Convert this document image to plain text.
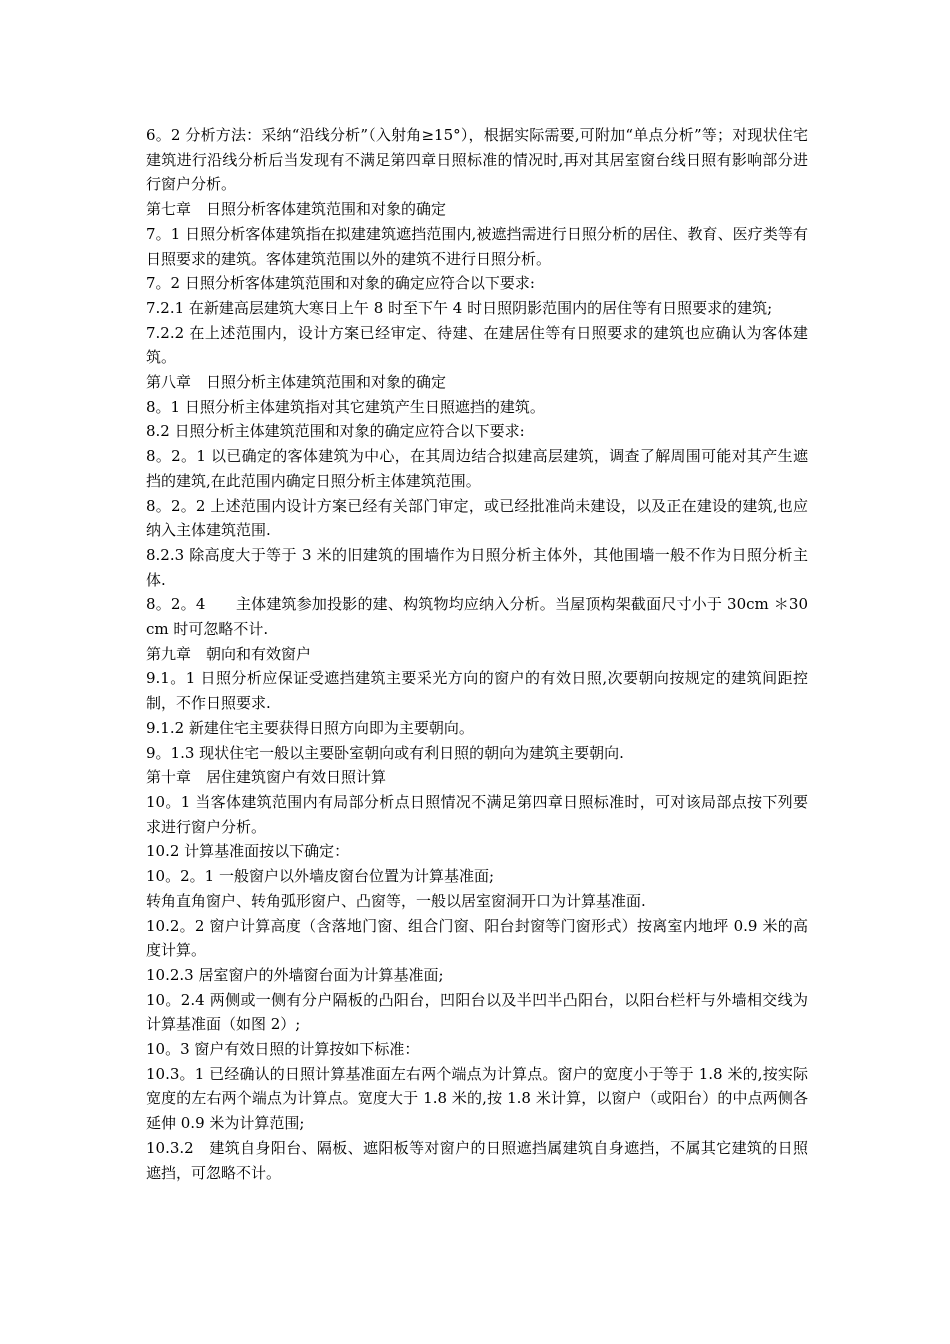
6。2 分析方法：采纳“沿线分析”（入射角≥15°），根据实际需要,可附加“单点分析”等；对现状住宅建筑进行沿线分析后当发现有不满足第四章日照标准的情况时,再对其居室窗台线日照有影响部分进行窗户分析。

第七章　日照分析客体建筑范围和对象的确定

7。1 日照分析客体建筑指在拟建建筑遮挡范围内,被遮挡需进行日照分析的居住、教育、医疗类等有日照要求的建筑。客体建筑范围以外的建筑不进行日照分析。

7。2 日照分析客体建筑范围和对象的确定应符合以下要求:

7.2.1 在新建高层建筑大寒日上午 8 时至下午 4 时日照阴影范围内的居住等有日照要求的建筑;

7.2.2 在上述范围内，设计方案已经审定、待建、在建居住等有日照要求的建筑也应确认为客体建筑。

第八章　日照分析主体建筑范围和对象的确定

8。1 日照分析主体建筑指对其它建筑产生日照遮挡的建筑。

8.2 日照分析主体建筑范围和对象的确定应符合以下要求:

8。2。1 以已确定的客体建筑为中心，在其周边结合拟建高层建筑，调查了解周围可能对其产生遮挡的建筑,在此范围内确定日照分析主体建筑范围。

8。2。2 上述范围内设计方案已经有关部门审定，或已经批准尚未建设，以及正在建设的建筑,也应纳入主体建筑范围.

8.2.3 除高度大于等于 3 米的旧建筑的围墙作为日照分析主体外，其他围墙一般不作为日照分析主体.

8。2。4　　主体建筑参加投影的建、构筑物均应纳入分析。当屋顶构架截面尺寸小于 30cm ＊30cm 时可忽略不计.

第九章　朝向和有效窗户

9.1。1 日照分析应保证受遮挡建筑主要采光方向的窗户的有效日照,次要朝向按规定的建筑间距控制，不作日照要求.

9.1.2 新建住宅主要获得日照方向即为主要朝向。

9。1.3 现状住宅一般以主要卧室朝向或有利日照的朝向为建筑主要朝向.

第十章　居住建筑窗户有效日照计算

10。1 当客体建筑范围内有局部分析点日照情况不满足第四章日照标准时，可对该局部点按下列要求进行窗户分析。

10.2 计算基准面按以下确定：

10。2。1 一般窗户以外墙皮窗台位置为计算基准面;

转角直角窗户、转角弧形窗户、凸窗等，一般以居室窗洞开口为计算基准面.

10.2。2 窗户计算高度（含落地门窗、组合门窗、阳台封窗等门窗形式）按离室内地坪 0.9 米的高度计算。

10.2.3 居室窗户的外墙窗台面为计算基准面;

10。2.4 两侧或一侧有分户隔板的凸阳台，凹阳台以及半凹半凸阳台，以阳台栏杆与外墙相交线为计算基准面（如图 2）;

10。3 窗户有效日照的计算按如下标准：

10.3。1 已经确认的日照计算基准面左右两个端点为计算点。窗户的宽度小于等于 1.8 米的,按实际宽度的左右两个端点为计算点。宽度大于 1.8 米的,按 1.8 米计算，以窗户（或阳台）的中点两侧各延伸 0.9 米为计算范围;

10.3.2　建筑自身阳台、隔板、遮阳板等对窗户的日照遮挡属建筑自身遮挡，不属其它建筑的日照遮挡，可忽略不计。
